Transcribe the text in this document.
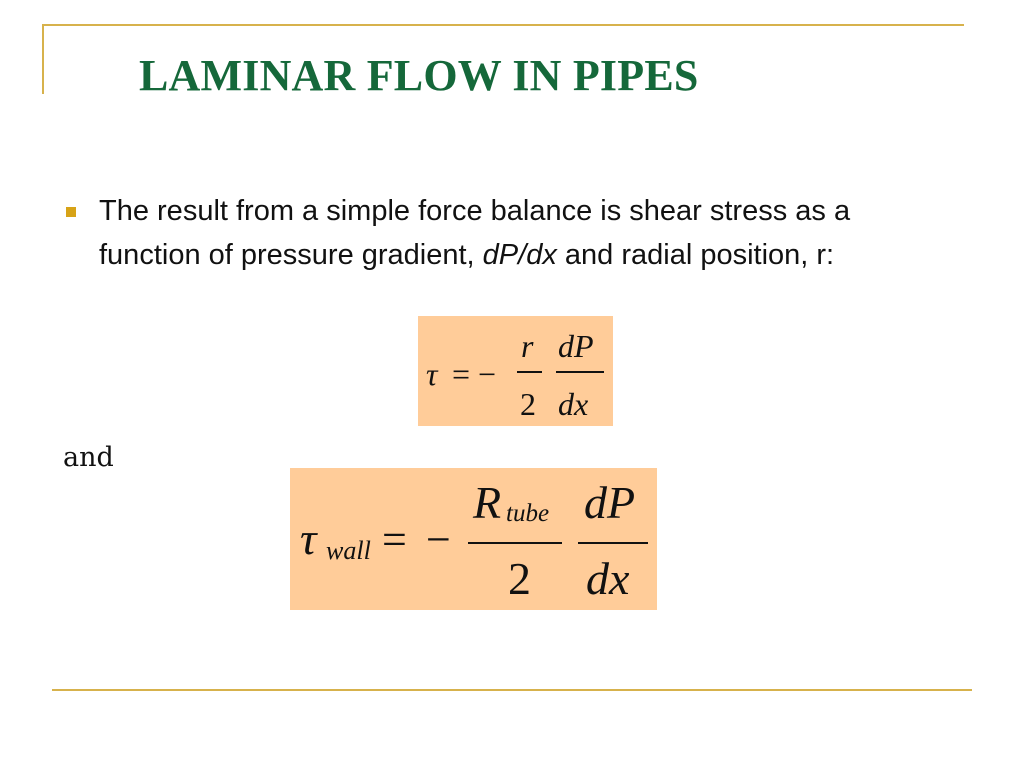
LAMINAR FLOW IN PIPES

The result from a simple force balance is shear stress as a function of pressure gradient, dP/dx and radial position, r:

τ = −
r
2
dP
dx

and

τ wall = −
R tube
2
dP
dx
